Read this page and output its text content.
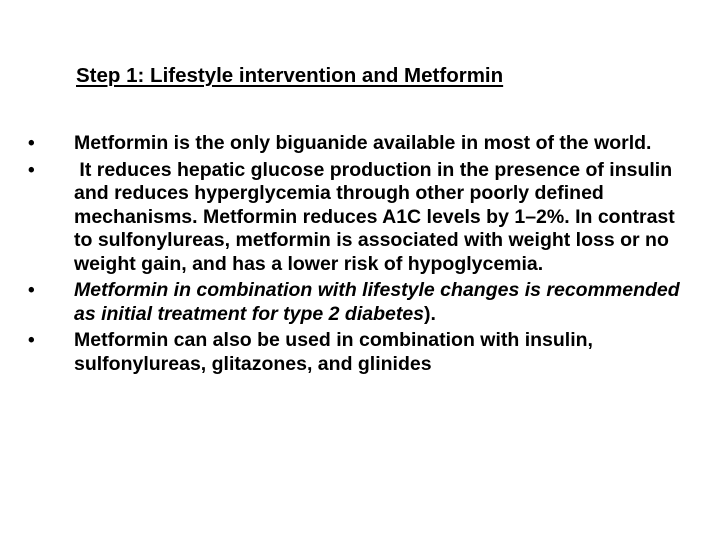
Step 1: Lifestyle intervention and Metformin
•	Metformin is the only biguanide available in most of the world.
•	It reduces hepatic glucose production in the presence of insulin and reduces hyperglycemia through other poorly defined mechanisms. Metformin reduces A1C levels by 1–2%. In contrast to sulfonylureas, metformin is associated with weight loss or no weight gain, and has a lower risk of hypoglycemia.
•	Metformin in combination with lifestyle changes is recommended as initial treatment for type 2 diabetes).
•	Metformin can also be used in combination with insulin, sulfonylureas, glitazones, and glinides
